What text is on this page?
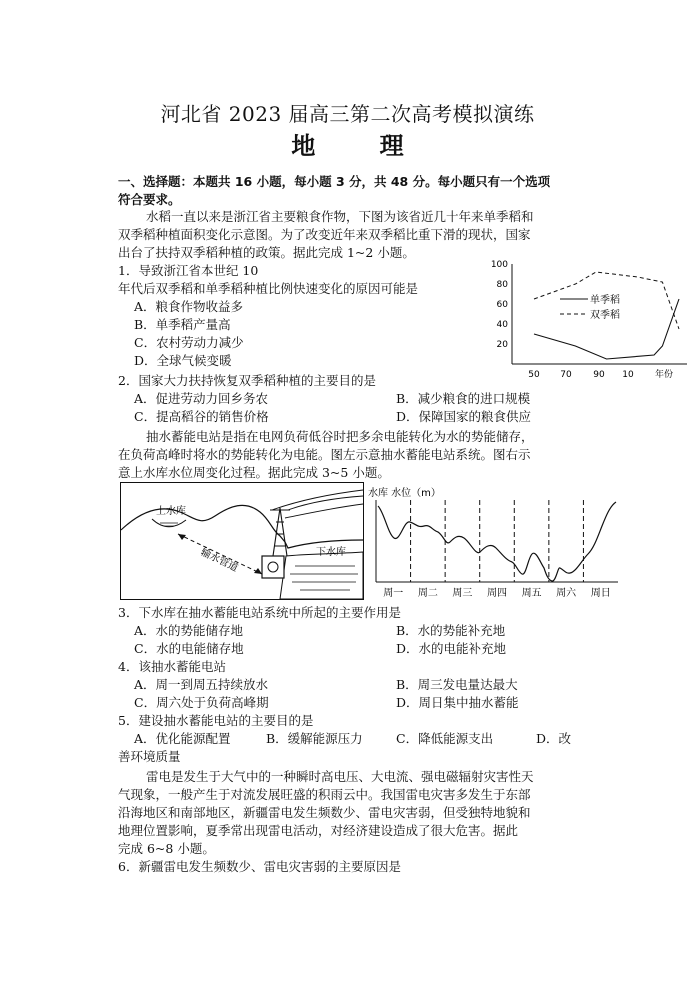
河北省 2023 届高三第二次高考模拟演练
地 理
一、选择题：本题共 16 小题，每小题 3 分，共 48 分。每小题只有一个选项
符合要求。
水稻一直以来是浙江省主要粮食作物，下图为该省近几十年来单季稻和
双季稻种植面积变化示意图。为了改变近年来双季稻比重下滑的现状，国家
出台了扶持双季稻种植的政策。据此完成 1~2 小题。
1．导致浙江省本世纪 10
年代后双季稻和单季稻种植比例快速变化的原因可能是
A．粮食作物收益多
B．单季稻产量高
C．农村劳动力减少
D．全球气候变暖
100
80
60
40
20
50 70 90 10 年份
单季稻
双季稻
2．国家大力扶持恢复双季稻种植的主要目的是
A．促进劳动力回乡务农	B．减少粮食的进口规模
C．提高稻谷的销售价格	D．保障国家的粮食供应
抽水蓄能电站是指在电网负荷低谷时把多余电能转化为水的势能储存，
在负荷高峰时将水的势能转化为电能。图左示意抽水蓄能电站系统。图右示
意上水库水位周变化过程。据此完成 3~5 小题。
上水库
下水库
输水管道
水库 水位（m）
周一 周二 周三 周四 周五 周六 周日
3．下水库在抽水蓄能电站系统中所起的主要作用是
A．水的势能储存地	B．水的势能补充地
C．水的电能储存地	D．水的电能补充地
4．该抽水蓄能电站
A．周一到周五持续放水	B．周三发电量达最大
C．周六处于负荷高峰期	D．周日集中抽水蓄能
5．建设抽水蓄能电站的主要目的是
A．优化能源配置	B．缓解能源压力	C．降低能源支出	D．改
善环境质量
雷电是发生于大气中的一种瞬时高电压、大电流、强电磁辐射灾害性天
气现象，一般产生于对流发展旺盛的积雨云中。我国雷电灾害多发生于东部
沿海地区和南部地区，新疆雷电发生频数少、雷电灾害弱，但受独特地貌和
地理位置影响，夏季常出现雷电活动，对经济建设造成了很大危害。据此
完成 6~8 小题。
6．新疆雷电发生频数少、雷电灾害弱的主要原因是
